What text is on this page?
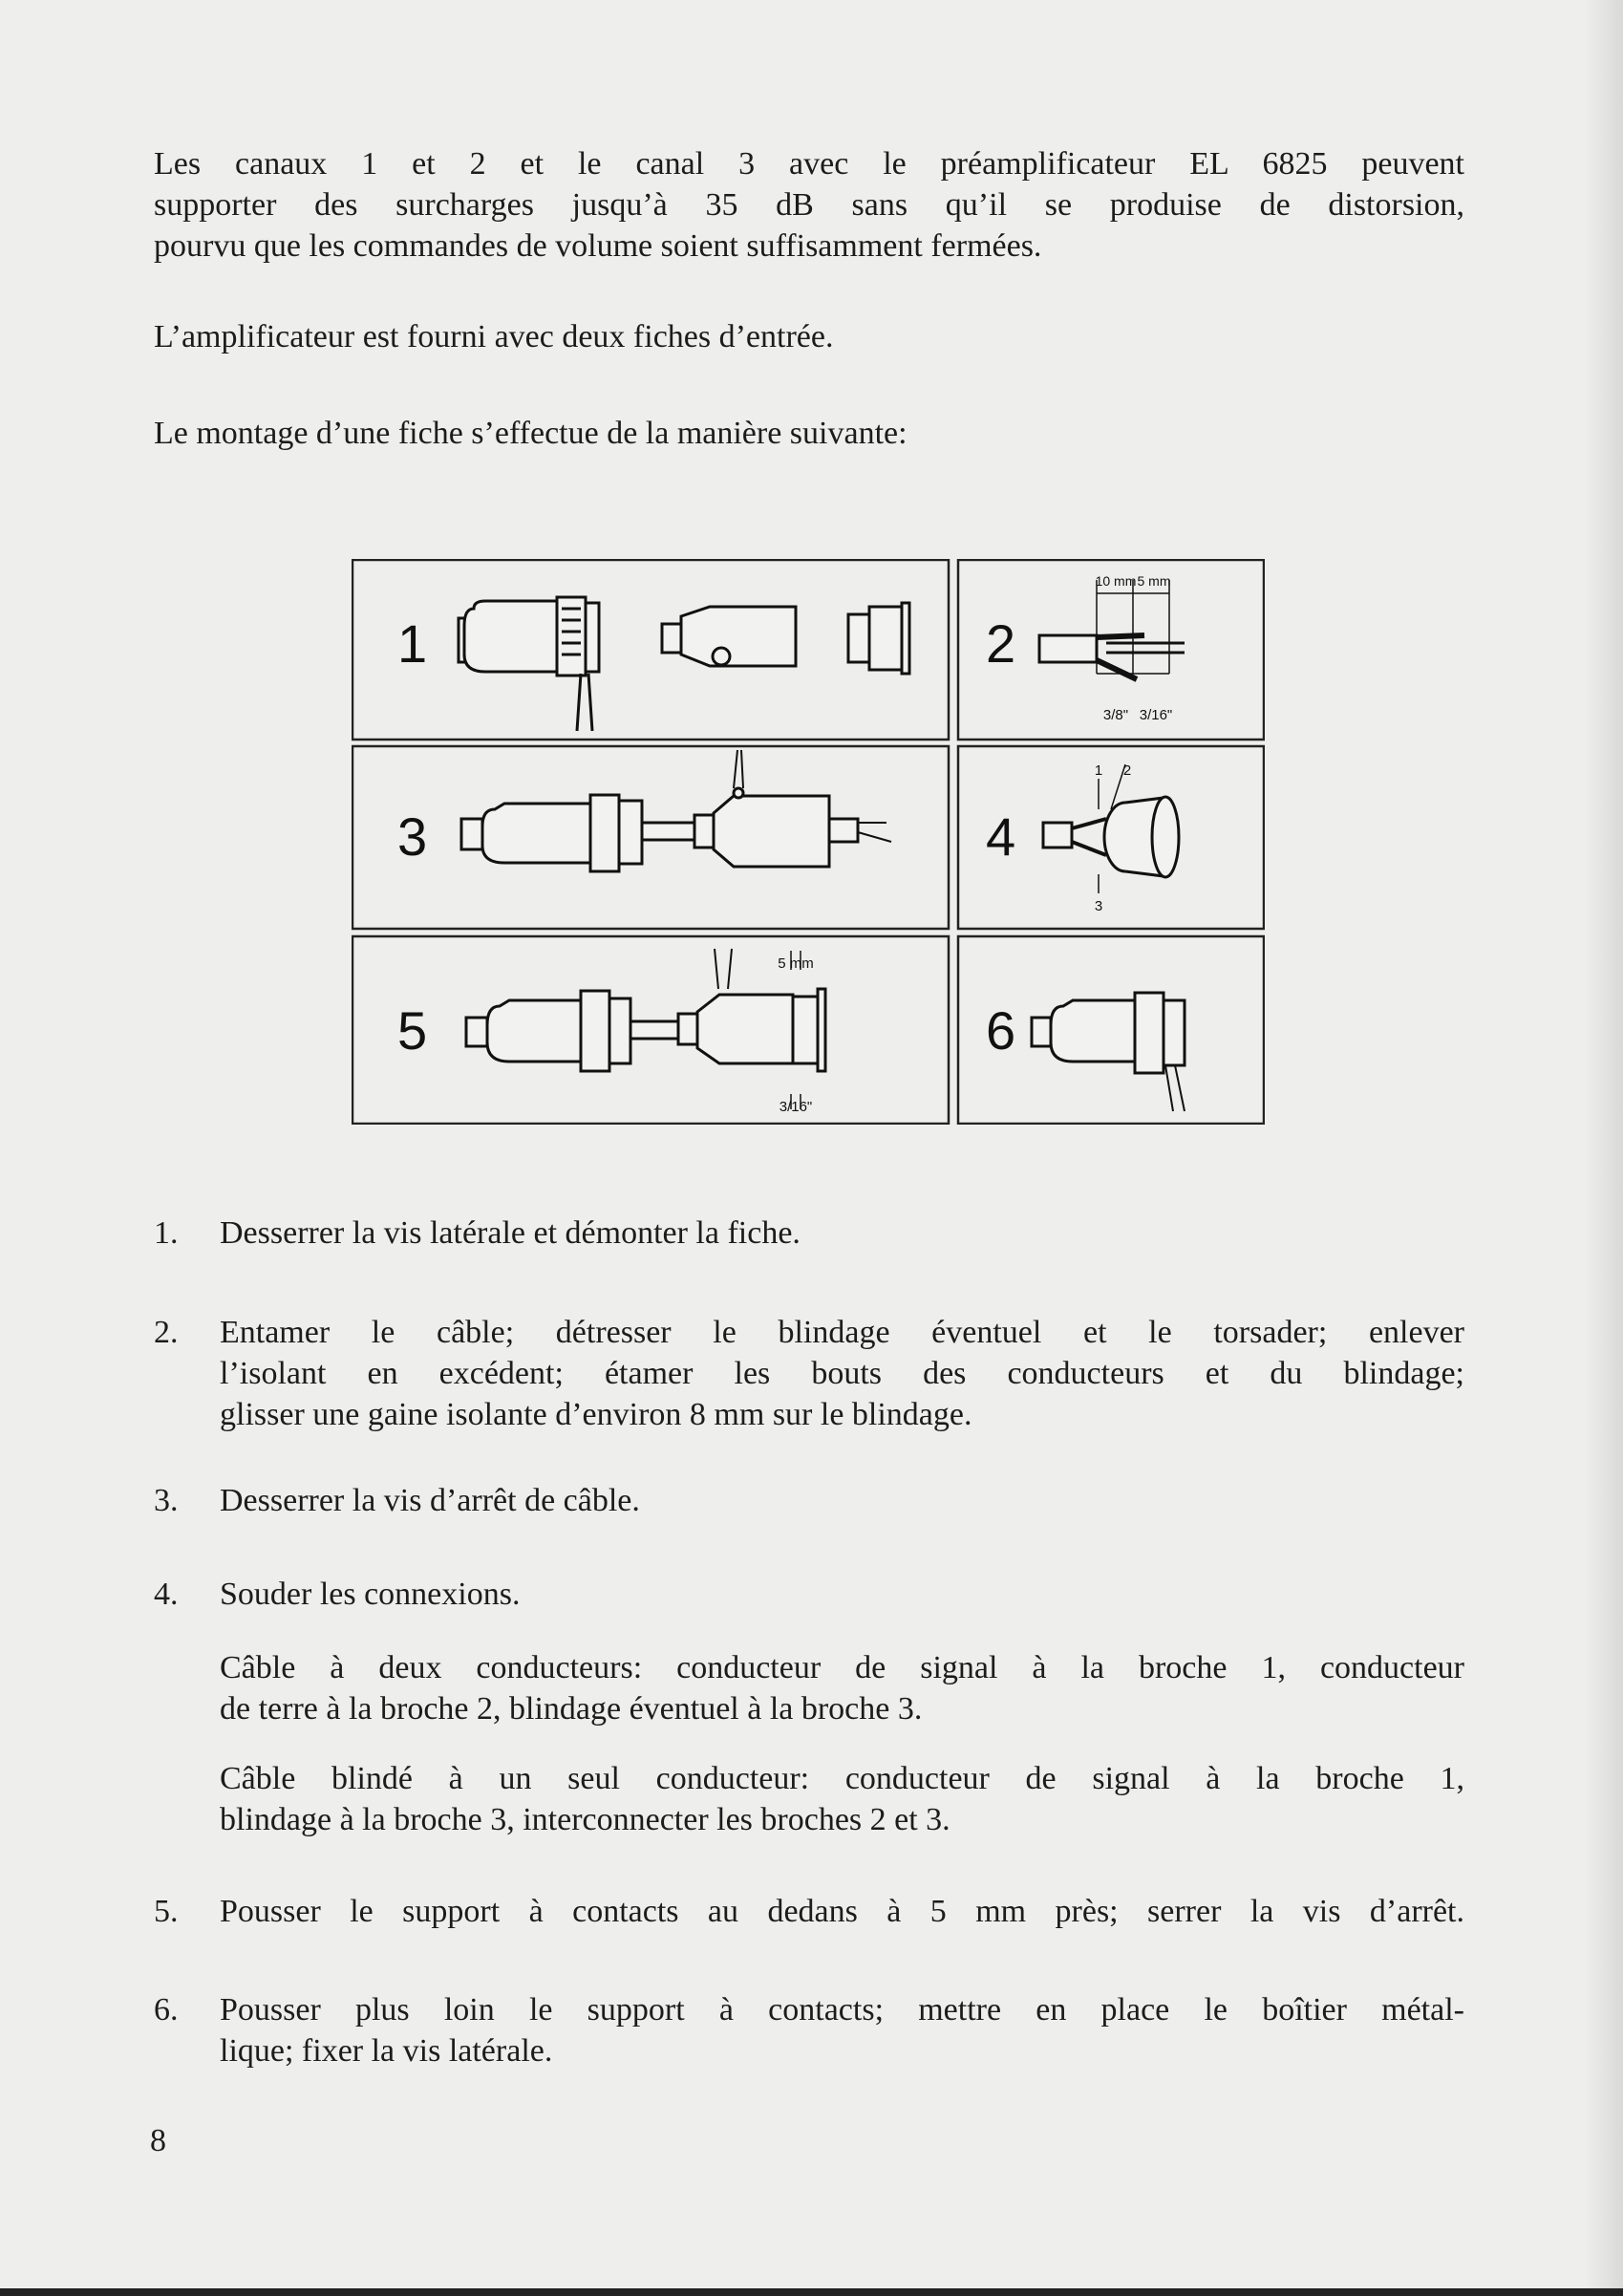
Les canaux 1 et 2 et le canal 3 avec le préamplificateur EL 6825 peuvent
supporter des surcharges jusqu’à 35 dB sans qu’il se produise de distorsion,
pourvu que les commandes de volume soient suffisamment fermées.
L’amplificateur est fourni avec deux fiches d’entrée.
Le montage d’une fiche s’effectue de la manière suivante:
1	2
3	4
5	6
10 mm 5 mm
3/8" 3/16"
1 2
3
5 mm
3/16"
1. Desserrer la vis latérale et démonter la fiche.
2. Entamer le câble; détresser le blindage éventuel et le torsader; enlever
l’isolant en excédent; étamer les bouts des conducteurs et du blindage;
glisser une gaine isolante d’environ 8 mm sur le blindage.
3. Desserrer la vis d’arrêt de câble.
4. Souder les connexions.
Câble à deux conducteurs: conducteur de signal à la broche 1, conducteur
de terre à la broche 2, blindage éventuel à la broche 3.
Câble blindé à un seul conducteur: conducteur de signal à la broche 1,
blindage à la broche 3, interconnecter les broches 2 et 3.
5. Pousser le support à contacts au dedans à 5 mm près; serrer la vis d’arrêt.
6. Pousser plus loin le support à contacts; mettre en place le boîtier métal-
lique; fixer la vis latérale.
8
